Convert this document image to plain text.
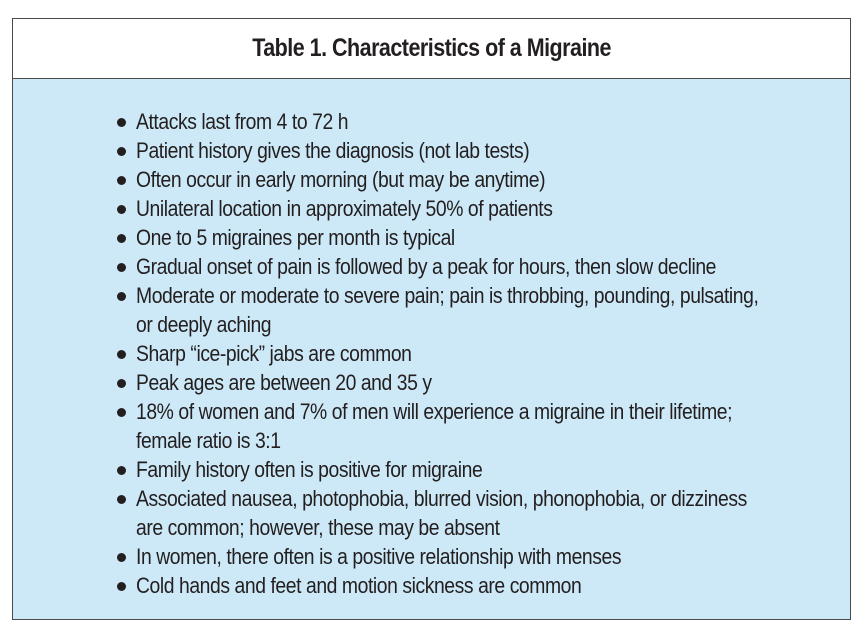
Table 1. Characteristics of a Migraine
Attacks last from 4 to 72 h
Patient history gives the diagnosis (not lab tests)
Often occur in early morning (but may be anytime)
Unilateral location in approximately 50% of patients
One to 5 migraines per month is typical
Gradual onset of pain is followed by a peak for hours, then slow decline
Moderate or moderate to severe pain; pain is throbbing, pounding, pulsating,
or deeply aching
Sharp “ice-pick” jabs are common
Peak ages are between 20 and 35 y
18% of women and 7% of men will experience a migraine in their lifetime;
female ratio is 3:1
Family history often is positive for migraine
Associated nausea, photophobia, blurred vision, phonophobia, or dizziness
are common; however, these may be absent
In women, there often is a positive relationship with menses
Cold hands and feet and motion sickness are common
